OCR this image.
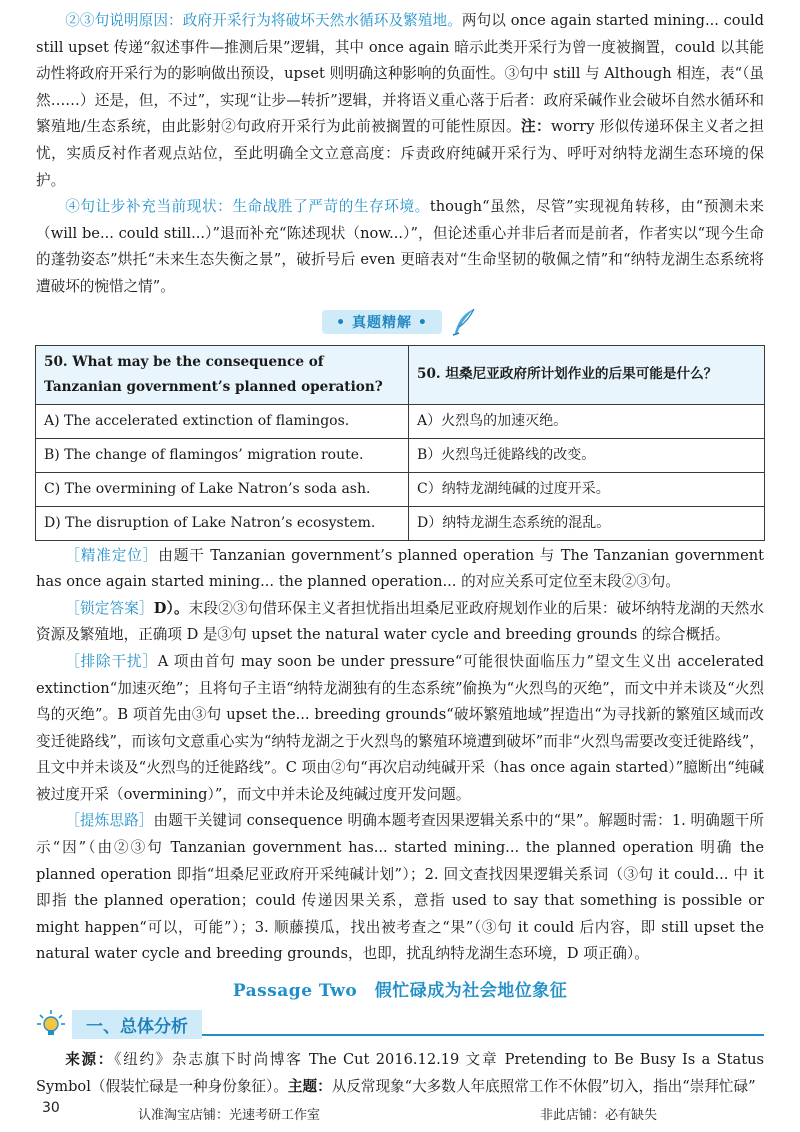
②③句说明原因：政府开采行为将破坏天然水循环及繁殖地。两句以 once again started mining... could still upset 传递“叙述事件—推测后果”逻辑，其中 once again 暗示此类开采行为曾一度被搁置，could 以其能动性将政府开采行为的影响做出预设，upset 则明确这种影响的负面性。③句中 still 与 Although 相连，表“（虽然……）还是，但，不过”，实现“让步—转折”逻辑，并将语义重心落于后者：政府采碱作业会破坏自然水循环和繁殖地/生态系统，由此影射②句政府开采行为此前被搁置的可能性原因。注：worry 形似传递环保主义者之担忧，实质反衬作者观点站位，至此明确全文立意高度：斥责政府纯碱开采行为、呼吁对纳特龙湖生态环境的保护。

④句让步补充当前现状：生命战胜了严苛的生存环境。though“虽然，尽管”实现视角转移，由“预测未来（will be... could still...）”退而补充“陈述现状（now...）”，但论述重心并非后者而是前者，作者实以“现今生命的蓬勃姿态”烘托“未来生态失衡之景”，破折号后 even 更暗表对“生命坚韧的敬佩之情”和“纳特龙湖生态系统将遭破坏的惋惜之情”。

• 真题精解 •
50. What may be the consequence of Tanzanian government’s planned operation?	50. 坦桑尼亚政府所计划作业的后果可能是什么？
A) The accelerated extinction of flamingos.	A）火烈鸟的加速灭绝。
B) The change of flamingos’ migration route.	B）火烈鸟迁徙路线的改变。
C) The overmining of Lake Natron’s soda ash.	C）纳特龙湖纯碱的过度开采。
D) The disruption of Lake Natron’s ecosystem.	D）纳特龙湖生态系统的混乱。

［精准定位］由题干 Tanzanian government’s planned operation 与 The Tanzanian government has once again started mining... the planned operation... 的对应关系可定位至末段②③句。

［锁定答案］D）。末段②③句借环保主义者担忧指出坦桑尼亚政府规划作业的后果：破坏纳特龙湖的天然水资源及繁殖地，正确项 D 是③句 upset the natural water cycle and breeding grounds 的综合概括。

［排除干扰］A 项由首句 may soon be under pressure“可能很快面临压力”望文生义出 accelerated extinction“加速灭绝”；且将句子主语“纳特龙湖独有的生态系统”偷换为“火烈鸟的灭绝”，而文中并未谈及“火烈鸟的灭绝”。B 项首先由③句 upset the... breeding grounds“破坏繁殖地域”捏造出“为寻找新的繁殖区域而改变迁徙路线”，而该句文意重心实为“纳特龙湖之于火烈鸟的繁殖环境遭到破坏”而非“火烈鸟需要改变迁徙路线”，且文中并未谈及“火烈鸟的迁徙路线”。C 项由②句“再次启动纯碱开采（has once again started）”臆断出“纯碱被过度开采（overmining）”，而文中并未论及纯碱过度开发问题。

［提炼思路］由题干关键词 consequence 明确本题考查因果逻辑关系中的“果”。解题时需：1. 明确题干所示“因”（由②③句 Tanzanian government has... started mining... the planned operation 明确 the planned operation 即指“坦桑尼亚政府开采纯碱计划”）；2. 回文查找因果逻辑关系词（③句 it could... 中 it 即指 the planned operation；could 传递因果关系，意指 used to say that something is possible or might happen“可以，可能”）；3. 顺藤摸瓜，找出被考查之“果”（③句 it could 后内容，即 still upset the natural water cycle and breeding grounds，也即，扰乱纳特龙湖生态环境，D 项正确）。

Passage Two　假忙碌成为社会地位象征
一、总体分析

来源：《纽约》杂志旗下时尚博客 The Cut 2016.12.19 文章 Pretending to Be Busy Is a Status Symbol（假装忙碌是一种身份象征）。主题：从反常现象“大多数人年底照常工作不休假”切入，指出“崇拜忙碌”

30	认准淘宝店铺：光速考研工作室	非此店铺：必有缺失
